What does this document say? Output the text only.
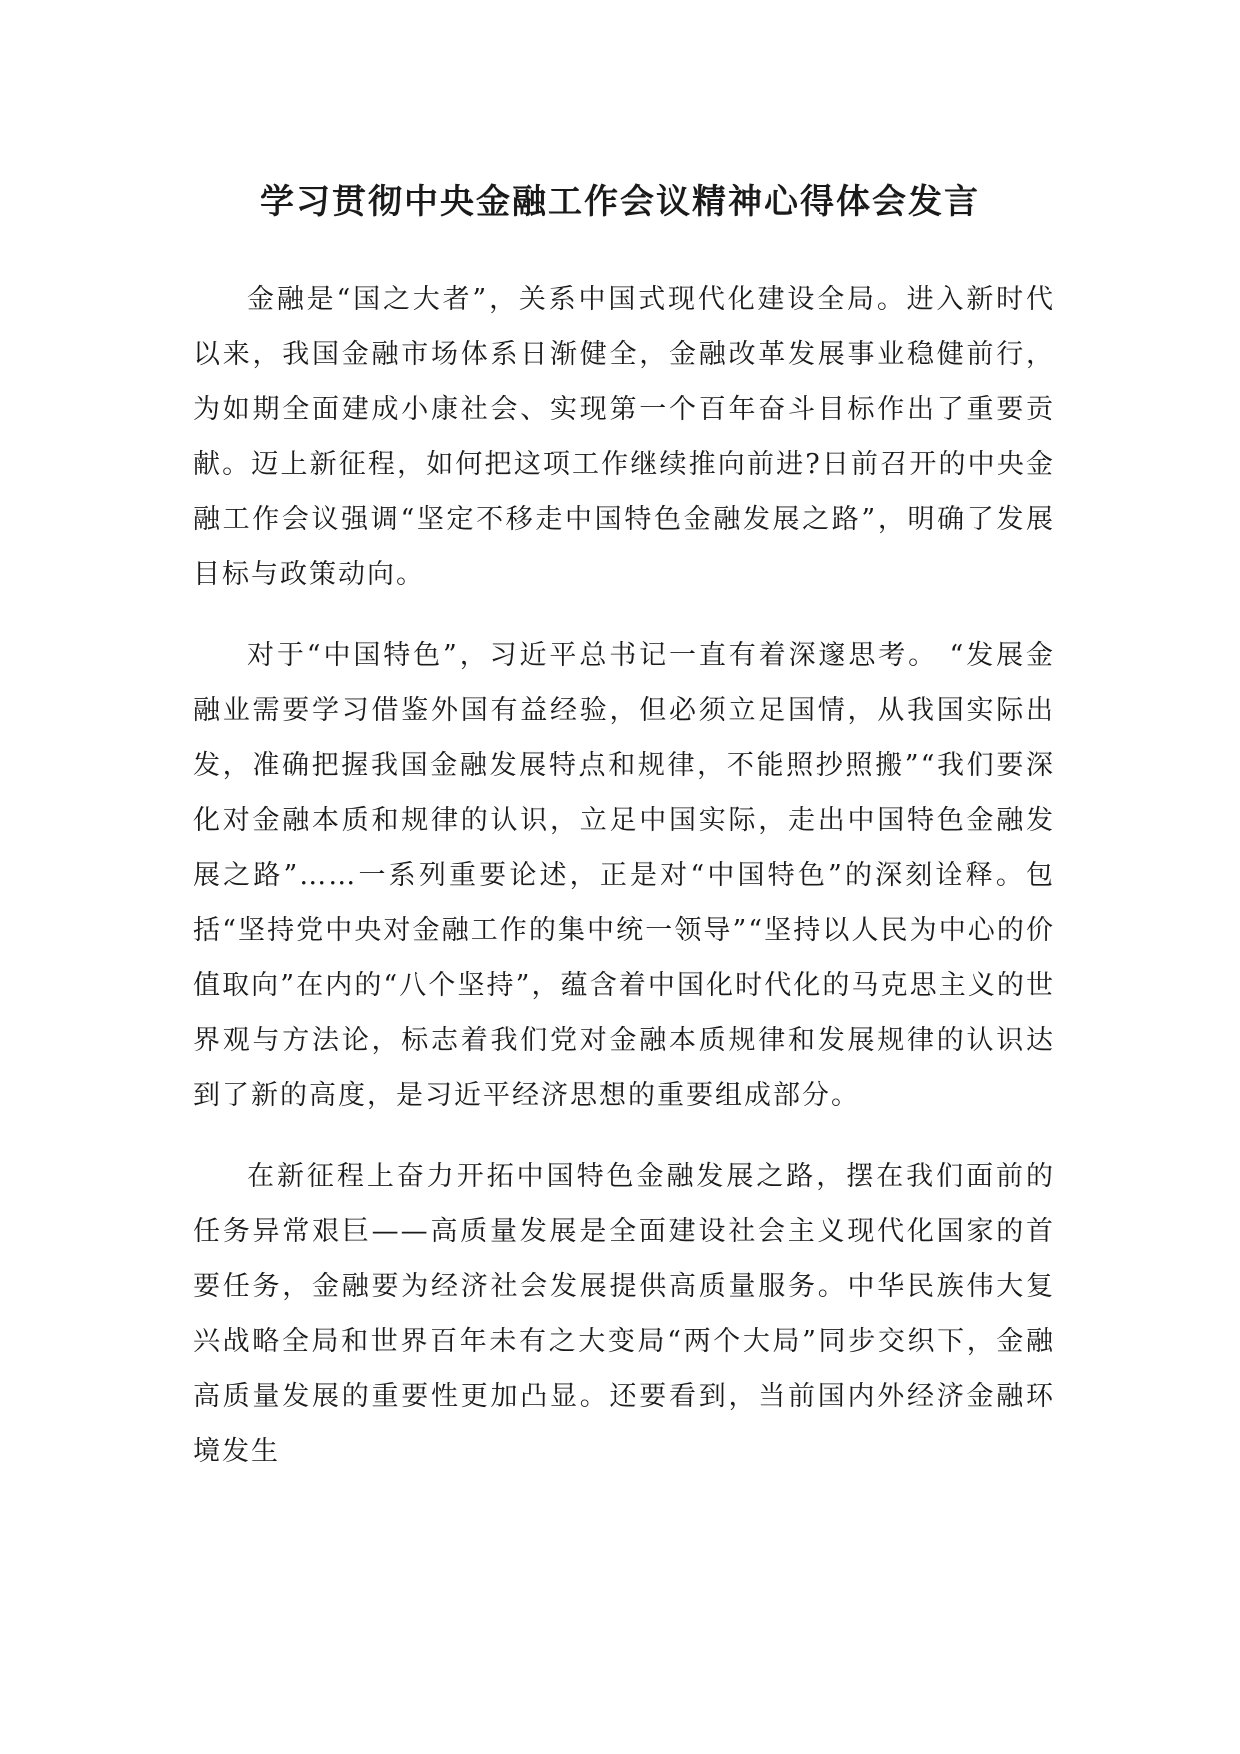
学习贯彻中央金融工作会议精神心得体会发言

金融是“国之大者”，关系中国式现代化建设全局。进入新时代以来，我国金融市场体系日渐健全，金融改革发展事业稳健前行，为如期全面建成小康社会、实现第一个百年奋斗目标作出了重要贡献。迈上新征程，如何把这项工作继续推向前进?日前召开的中央金融工作会议强调“坚定不移走中国特色金融发展之路”，明确了发展目标与政策动向。

对于“中国特色”，习近平总书记一直有着深邃思考。 “发展金融业需要学习借鉴外国有益经验，但必须立足国情，从我国实际出发，准确把握我国金融发展特点和规律，不能照抄照搬”“我们要深化对金融本质和规律的认识，立足中国实际，走出中国特色金融发展之路”……一系列重要论述，正是对“中国特色”的深刻诠释。包括“坚持党中央对金融工作的集中统一领导”“坚持以人民为中心的价值取向”在内的“八个坚持”，蕴含着中国化时代化的马克思主义的世界观与方法论，标志着我们党对金融本质规律和发展规律的认识达到了新的高度，是习近平经济思想的重要组成部分。

在新征程上奋力开拓中国特色金融发展之路，摆在我们面前的任务异常艰巨——高质量发展是全面建设社会主义现代化国家的首要任务，金融要为经济社会发展提供高质量服务。中华民族伟大复兴战略全局和世界百年未有之大变局“两个大局”同步交织下，金融高质量发展的重要性更加凸显。还要看到，当前国内外经济金融环境发生
